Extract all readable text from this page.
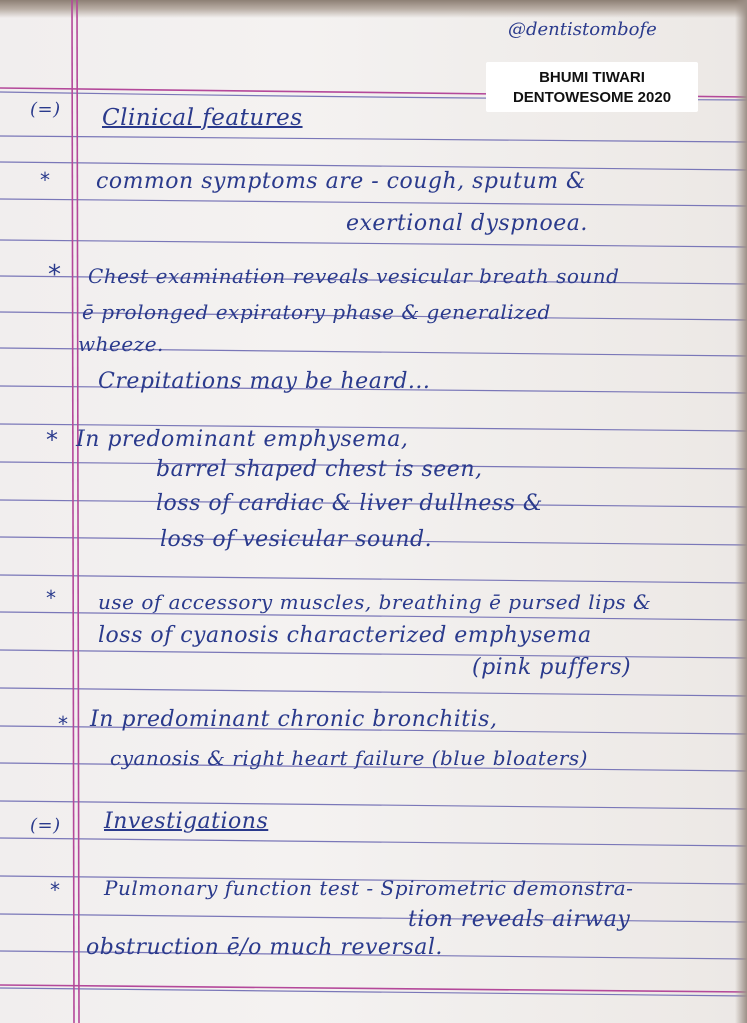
@dentistombofe
BHUMI TIWARI
DENTOWESOME 2020
(=) Clinical features
* common symptoms are - cough, sputum &
exertional dyspnoea.
* Chest examination reveals vesicular breath sound
ē prolonged expiratory phase & generalized
wheeze.
Crepitations may be heard...
* In predominant emphysema,
barrel shaped chest is seen,
loss of cardiac & liver dullness &
loss of vesicular sound.
* use of accessory muscles, breathing ē pursed lips &
loss of cyanosis characterized emphysema
(pink puffers)
* In predominant chronic bronchitis,
cyanosis & right heart failure (blue bloaters)
(=) Investigations
* Pulmonary function test - Spirometric demonstra-
tion reveals airway
obstruction ē/o much reversal.
